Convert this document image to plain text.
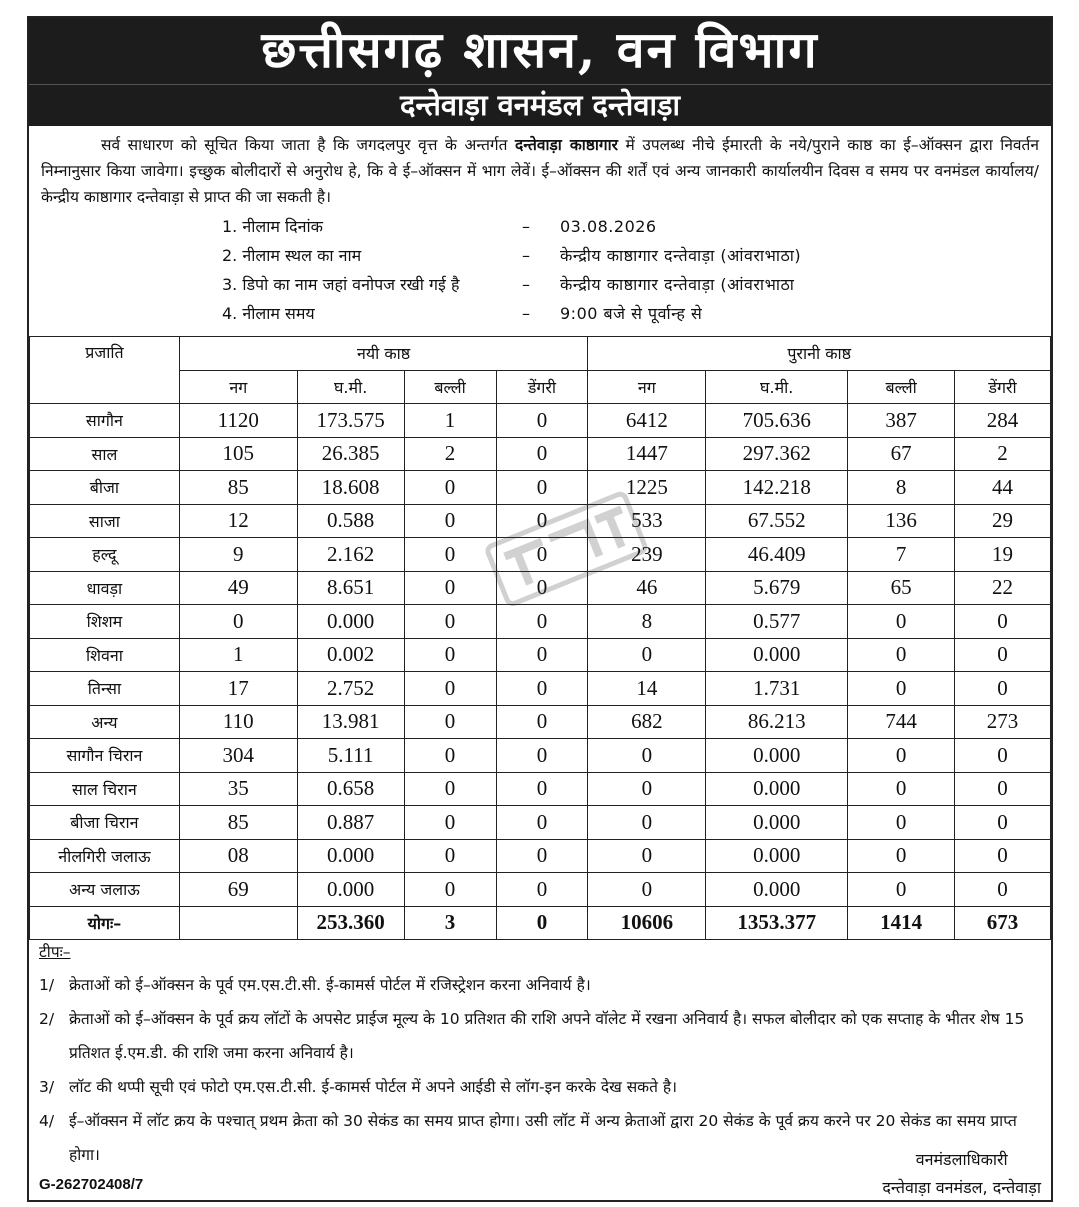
छत्तीसगढ़ शासन, वन विभाग
दन्तेवाड़ा वनमंडल दन्तेवाड़ा

सर्व साधारण को सूचित किया जाता है कि जगदलपुर वृत्त के अन्तर्गत दन्तेवाड़ा काष्ठागार में उपलब्ध नीचे ईमारती के नये/पुराने काष्ठ का ई–ऑक्सन द्वारा निवर्तन निम्नानुसार किया जावेगा। इच्छुक बोलीदारों से अनुरोध हे, कि वे ई–ऑक्सन में भाग लेवें। ई–ऑक्सन की शर्तें एवं अन्य जानकारी कार्यालयीन दिवस व समय पर वनमंडल कार्यालय/केन्द्रीय काष्ठागार दन्तेवाड़ा से प्राप्त की जा सकती है।

1. नीलाम दिनांक	–	03.08.2026
2. नीलाम स्थल का नाम	–	केन्द्रीय काष्ठागार दन्तेवाड़ा (आंवराभाठा)
3. डिपो का नाम जहां वनोपज रखी गई है	–	केन्द्रीय काष्ठागार दन्तेवाड़ा (आंवराभाठा
4. नीलाम समय	–	9:00 बजे से पूर्वान्ह से
प्रजाति	नयी काष्ठ				पुरानी काष्ठ			
	नग	घ.मी.	बल्ली	डेंगरी	नग	घ.मी.	बल्ली	डेंगरी
सागौन	1120	173.575	1	0	6412	705.636	387	284
साल	105	26.385	2	0	1447	297.362	67	2
बीजा	85	18.608	0	0	1225	142.218	8	44
साजा	12	0.588	0	0	533	67.552	136	29
हल्दू	9	2.162	0	0	239	46.409	7	19
धावड़ा	49	8.651	0	0	46	5.679	65	22
शिशम	0	0.000	0	0	8	0.577	0	0
शिवना	1	0.002	0	0	0	0.000	0	0
तिन्सा	17	2.752	0	0	14	1.731	0	0
अन्य	110	13.981	0	0	682	86.213	744	273
सागौन चिरान	304	5.111	0	0	0	0.000	0	0
साल चिरान	35	0.658	0	0	0	0.000	0	0
बीजा चिरान	85	0.887	0	0	0	0.000	0	0
नीलगिरी जलाऊ	08	0.000	0	0	0	0.000	0	0
अन्य जलाऊ	69	0.000	0	0	0	0.000	0	0
योगः–		253.360	3	0	10606	1353.377	1414	673
टीपः–
1/ क्रेताओं को ई–ऑक्सन के पूर्व एम.एस.टी.सी. ई-कामर्स पोर्टल में रजिस्ट्रेशन करना अनिवार्य है।
2/ क्रेताओं को ई–ऑक्सन के पूर्व क्रय लॉटों के अपसेट प्राईज मूल्य के 10 प्रतिशत की राशि अपने वॉलेट में रखना अनिवार्य है। सफल बोलीदार को एक सप्ताह के भीतर शेष 15 प्रतिशत ई.एम.डी. की राशि जमा करना अनिवार्य है।
3/ लॉट की थप्पी सूची एवं फोटो एम.एस.टी.सी. ई-कामर्स पोर्टल में अपने आईडी से लॉग-इन करके देख सकते है।
4/ ई–ऑक्सन में लॉट क्रय के पश्चात् प्रथम क्रेता को 30 सेकंड का समय प्राप्त होगा। उसी लॉट में अन्य क्रेताओं द्वारा 20 सेकंड के पूर्व क्रय करने पर 20 सेकंड का समय प्राप्त होगा।	वनमंडलाधिकारी
दन्तेवाड़ा वनमंडल, दन्तेवाड़ा
G-262702408/7
